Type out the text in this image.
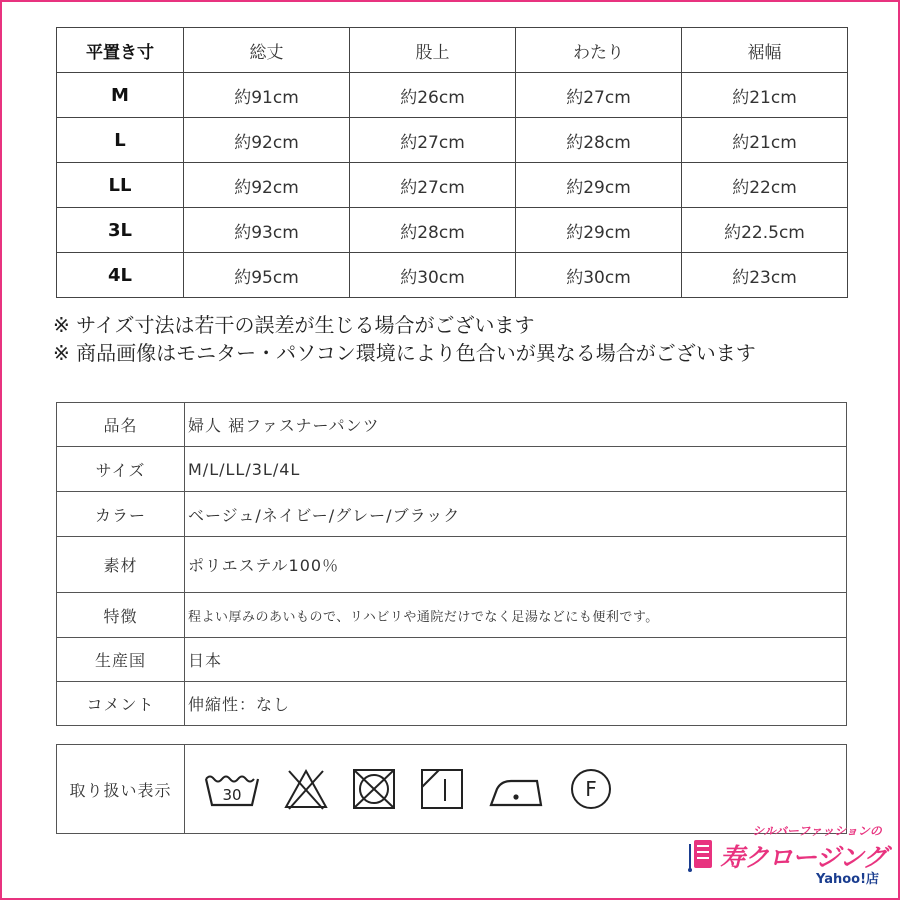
平置き寸	総丈	股上	わたり	裾幅
M	約91cm	約26cm	約27cm	約21cm
L	約92cm	約27cm	約28cm	約21cm
LL	約92cm	約27cm	約29cm	約22cm
3L	約93cm	約28cm	約29cm	約22.5cm
4L	約95cm	約30cm	約30cm	約23cm
※ サイズ寸法は若干の誤差が生じる場合がございます
※ 商品画像はモニター・パソコン環境により色合いが異なる場合がございます
品名	婦人 裾ファスナーパンツ
サイズ	M/L/LL/3L/4L
カラー	ベージュ/ネイビー/グレー/ブラック
素材	ポリエステル100％
特徴	程よい厚みのあいもので、リハビリや通院だけでなく足湯などにも便利です。
生産国	日本
コメント	伸縮性：なし
取り扱い表示	30	F
シルバーファッションの
寿クロージング
Yahoo!店
